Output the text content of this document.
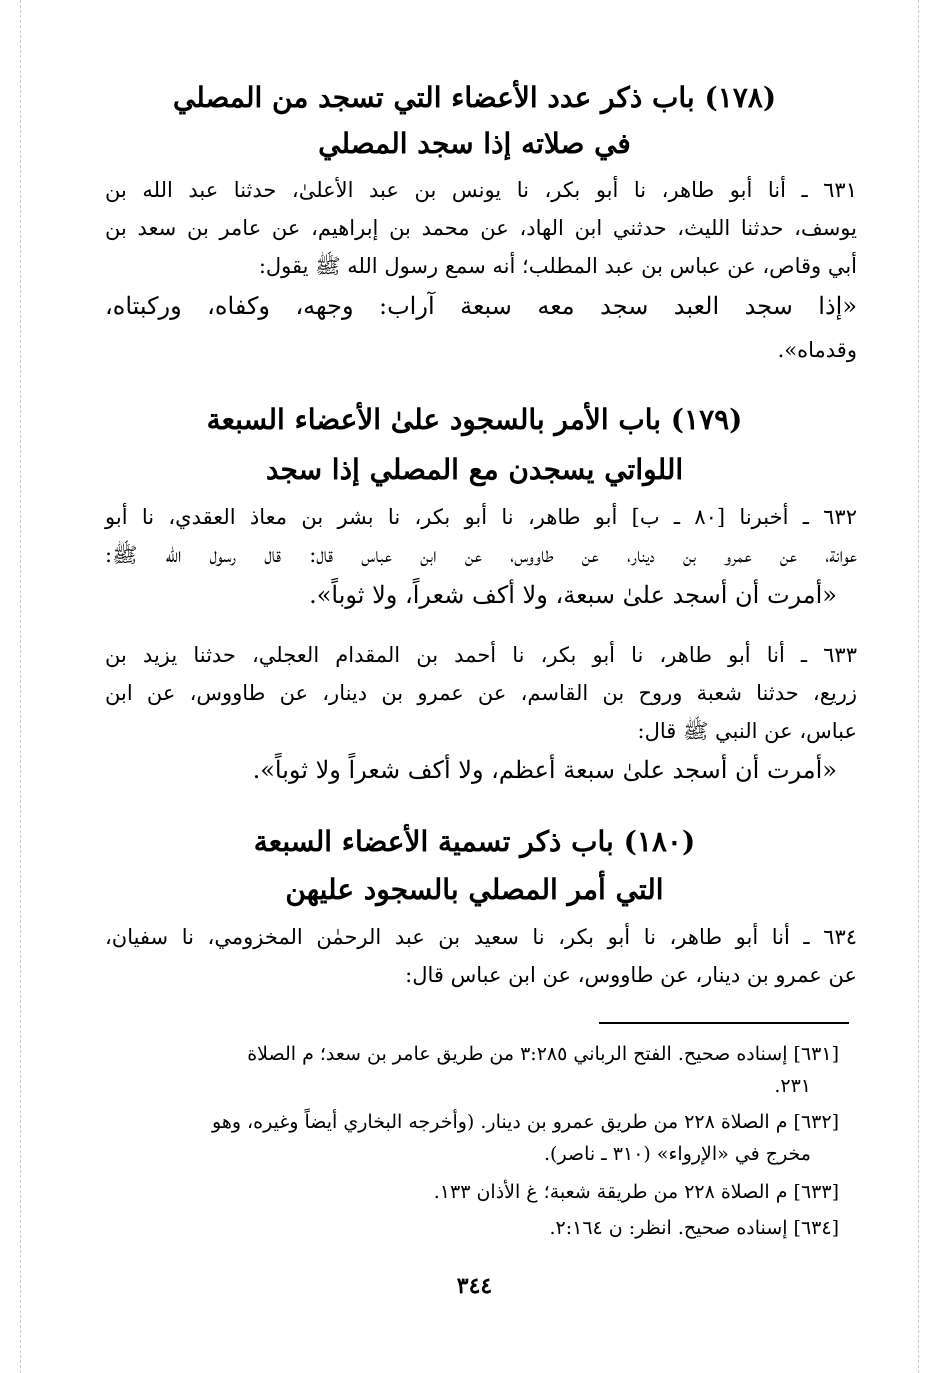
(١٧٨) باب ذكر عدد الأعضاء التي تسجد من المصلي
في صلاته إذا سجد المصلي
٦٣١ ـ أنا أبو طاهر، نا أبو بكر، نا يونس بن عبد الأعلىٰ، حدثنا عبد الله بن
يوسف، حدثنا الليث، حدثني ابن الهاد، عن محمد بن إبراهيم، عن عامر بن سعد بن
أبي وقاص، عن عباس بن عبد المطلب؛ أنه سمع رسول الله ﷺ يقول:
«إذا سجد العبد سجد معه سبعة آراب: وجهه، وكفاه، وركبتاه،
وقدماه».
(١٧٩) باب الأمر بالسجود علىٰ الأعضاء السبعة
اللواتي يسجدن مع المصلي إذا سجد
٦٣٢ ـ أخبرنا [٨٠ ـ ب] أبو طاهر، نا أبو بكر، نا بشر بن معاذ العقدي، نا أبو
عوانة، عن عمرو بن دينار، عن طاووس، عن ابن عباس قال: قال رسول الله ﷺ:
«أمرت أن أسجد علىٰ سبعة، ولا أكف شعراً، ولا ثوباً».
٦٣٣ ـ أنا أبو طاهر، نا أبو بكر، نا أحمد بن المقدام العجلي، حدثنا يزيد بن
زريع، حدثنا شعبة وروح بن القاسم، عن عمرو بن دينار، عن طاووس، عن ابن
عباس، عن النبي ﷺ قال:
«أمرت أن أسجد علىٰ سبعة أعظم، ولا أكف شعراً ولا ثوباً».
(١٨٠) باب ذكر تسمية الأعضاء السبعة
التي أمر المصلي بالسجود عليهن
٦٣٤ ـ أنا أبو طاهر، نا أبو بكر، نا سعيد بن عبد الرحمٰن المخزومي، نا سفيان،
عن عمرو بن دينار، عن طاووس، عن ابن عباس قال:
[٦٣١] إسناده صحيح. الفتح الرباني ٣:٢٨٥ من طريق عامر بن سعد؛ م الصلاة
٢٣١.
[٦٣٢] م الصلاة ٢٢٨ من طريق عمرو بن دينار. (وأخرجه البخاري أيضاً وغيره، وهو
مخرج في «الإرواء» (٣١٠ ـ ناصر).
[٦٣٣] م الصلاة ٢٢٨ من طريقة شعبة؛ غ الأذان ١٣٣.
[٦٣٤] إسناده صحيح. انظر: ن ٢:١٦٤.
٣٤٤
